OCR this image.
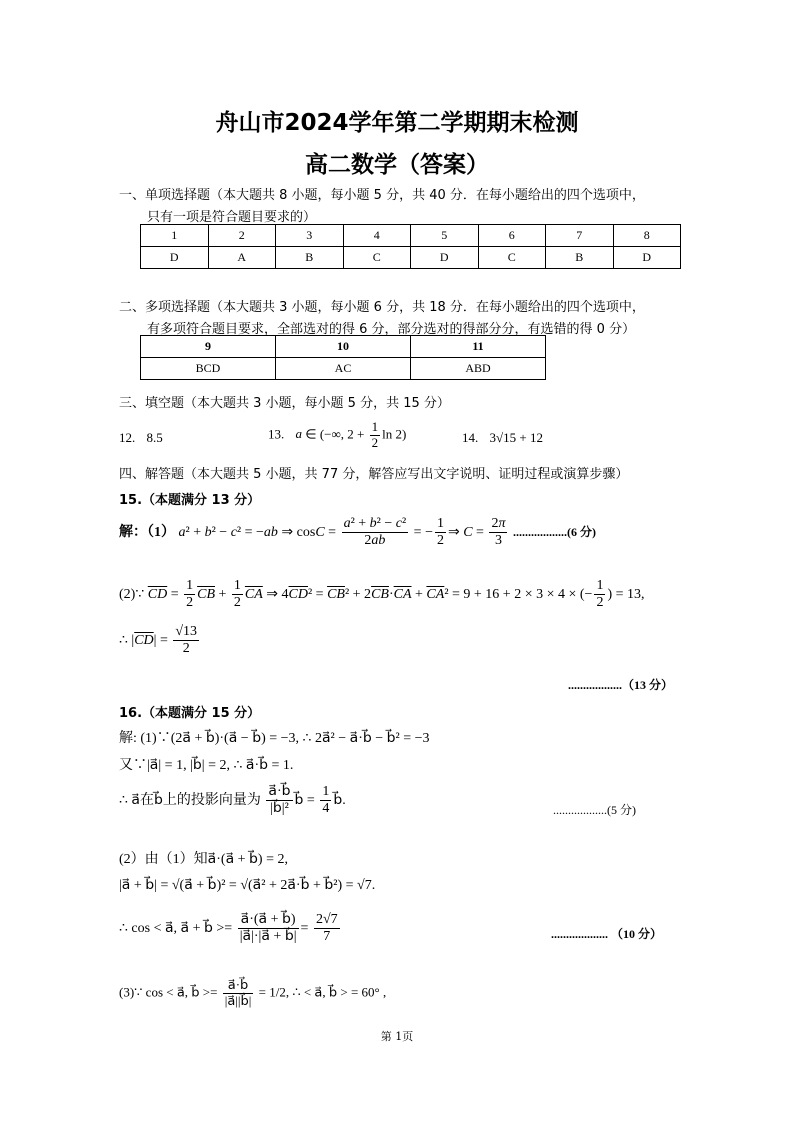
舟山市2024学年第二学期期末检测
高二数学（答案）
一、单项选择题（本大题共 8 小题，每小题 5 分，共 40 分．在每小题给出的四个选项中，
只有一项是符合题目要求的）
1	2	3	4	5	6	7	8
D	A	B	C	D	C	B	D
二、多项选择题（本大题共 3 小题，每小题 6 分，共 18 分．在每小题给出的四个选项中，
有多项符合题目要求，全部选对的得 6 分，部分选对的得部分分，有选错的得 0 分）
9	10	11
BCD	AC	ABD
三、填空题（本大题共 3 小题，每小题 5 分，共 15 分）
12. 8.5	13. a ∈ (−∞, $2 + \frac{1}{2}$ ln 2)	14. 3√15 + 12
四、解答题（本大题共 5 小题，共 77 分，解答应写出文字说明、证明过程或演算步骤）
15.（本题满分 13 分）
解：（1） a² + b² − c² = −ab ⇒ $\cos C = \frac{\text{a² + b² − c²}}{2ab}$ = − $\frac{1}{2}$ ⇒ $C = \frac{2\pi}{3} ..................(6$ 分)
(2)∵ $\overline{CD} = \frac{1}{2} \overline{CB} + \frac{1}{2} \overline{CA}$ ⇒ $4\overline{CD}^2 = \overline{CB}^2 + 2\overline{CB}\cdot\overline{CA} + \overline{CA}^2 = 9 + 16 + 2 \times 3 \times 4$ × (− $\frac{1}{2}$ ) = 13,
∴ $|\overline{CD}| = \frac{√13}{2}$
..................（13 分）
16.（本题满分 15 分）
解: (1)∵(2a⃗ + b⃗)·(a⃗ − b⃗) = −3, ∴ 2a⃗² − a⃗·b⃗ − b⃗² = −3
又∵|a⃗| = 1, |b⃗| = 2, ∴ a⃗·b⃗ = 1.
∴ a⃗在b⃗上的投影向量为 $\frac{a⃗\cdot b⃗}{\text{|b⃗|²}}$ b⃗ = $\frac{1}{4}$ b⃗.
..................(5 分)
(2）由（1）知a⃗·(a⃗ + b⃗) = 2,
|a⃗ + b⃗| = √(a⃗ + b⃗)² = √(a⃗² + 2a⃗·b⃗ + b⃗²) = √7.
∴ cos < a⃗, a⃗ + b⃗ >= $\frac{a⃗\cdot(a⃗ + b⃗)}{|a⃗|\cdot|a⃗ + b⃗|} = \frac{2√7}{7}$	................... （10 分）
(3)∵ cos < a⃗, b⃗ >= $\frac{a⃗\cdot b⃗}{|a⃗||b⃗|} = 1/2$, ∴ < a⃗, b⃗ > = 60° ,
第 1页
